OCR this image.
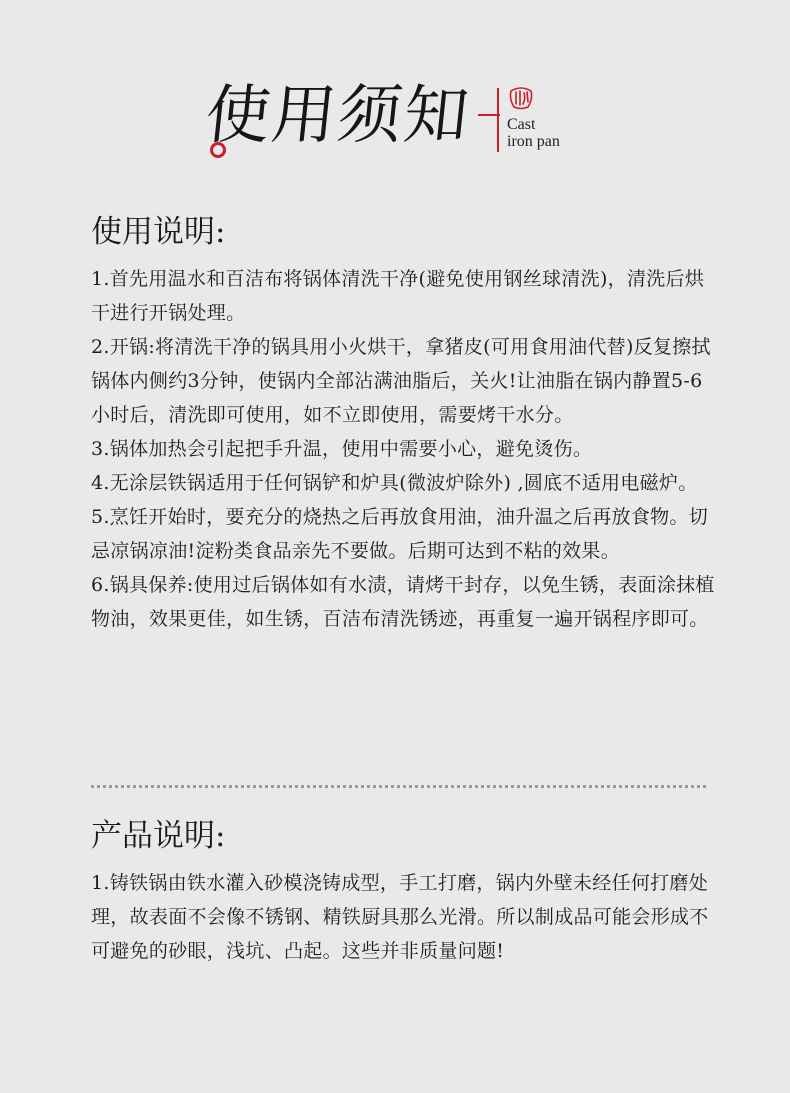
使用须知 Cast
iron pan
使用说明:

1.首先用温水和百洁布将锅体清洗干净(避免使用钢丝球清洗)，清洗后烘干进行开锅处理。

2.开锅:将清洗干净的锅具用小火烘干，拿猪皮(可用食用油代替)反复擦拭锅体内侧约3分钟，使锅内全部沾满油脂后，关火!让油脂在锅内静置5-6小时后，清洗即可使用，如不立即使用，需要烤干水分。

3.锅体加热会引起把手升温，使用中需要小心，避免烫伤。

4.无涂层铁锅适用于任何锅铲和炉具(微波炉除外) ,圆底不适用电磁炉。

5.烹饪开始时，要充分的烧热之后再放食用油，油升温之后再放食物。切忌凉锅凉油!淀粉类食品亲先不要做。后期可达到不粘的效果。

6.锅具保养:使用过后锅体如有水渍，请烤干封存，以免生锈，表面涂抹植物油，效果更佳，如生锈，百洁布清洗锈迹，再重复一遍开锅程序即可。

产品说明:

1.铸铁锅由铁水灌入砂模浇铸成型，手工打磨，锅内外壁未经任何打磨处理，故表面不会像不锈钢、精铁厨具那么光滑。所以制成品可能会形成不可避免的砂眼，浅坑、凸起。这些并非质量问题!
